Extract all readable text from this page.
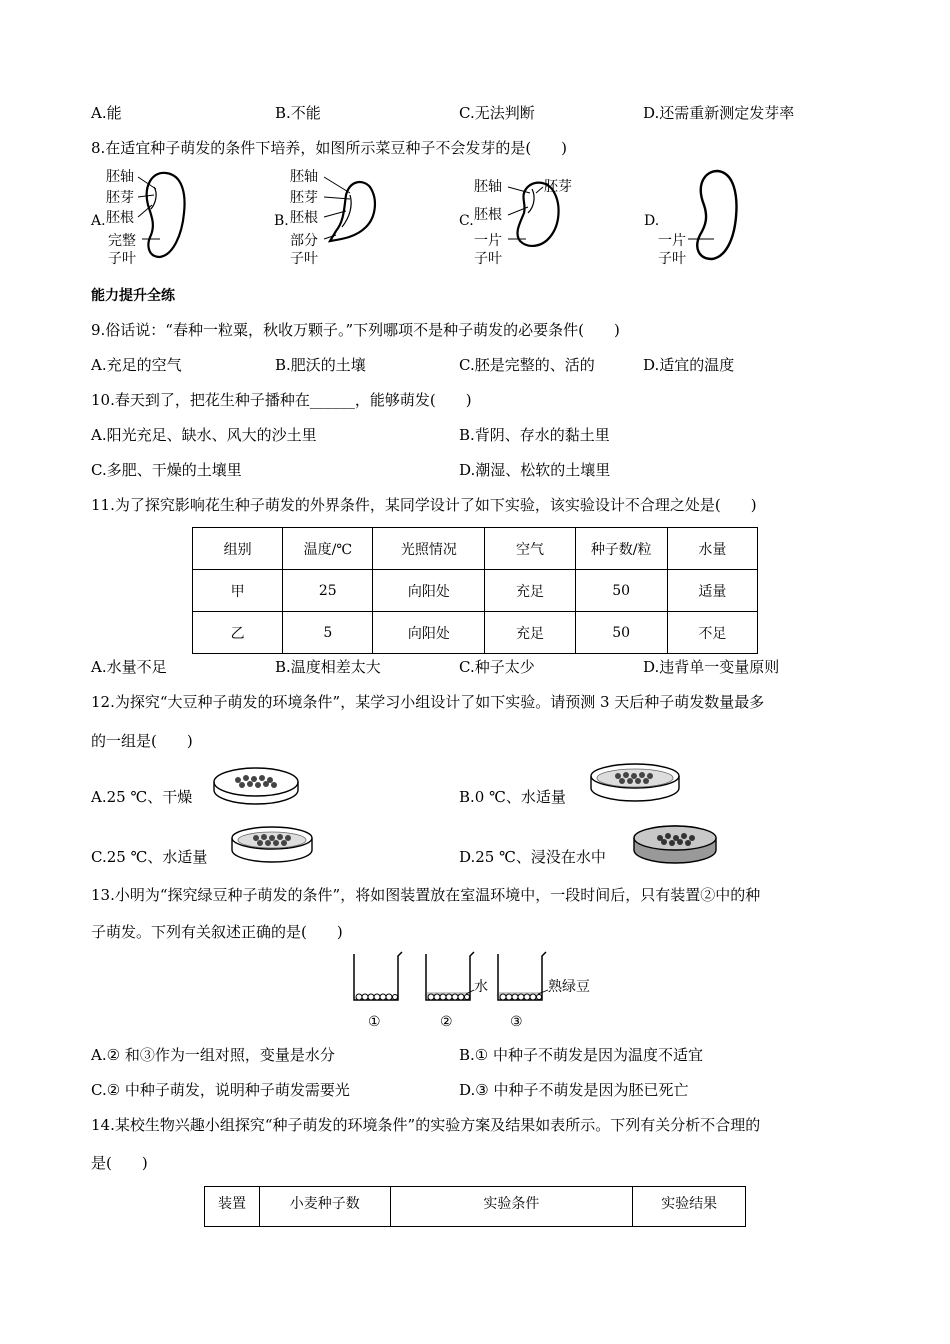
A.能	B.不能	C.无法判断	D.还需重新测定发芽率
8.在适宜种子萌发的条件下培养，如图所示菜豆种子不会发芽的是(　　)
A.
胚轴
胚芽
胚根
完整
子叶
B.
胚轴
胚芽
胚根
部分
子叶
C.
胚轴	胚芽
胚根
一片
子叶
D.
一片
子叶
能力提升全练
9.俗话说：“春种一粒粟，秋收万颗子。”下列哪项不是种子萌发的必要条件(　　)
A.充足的空气	B.肥沃的土壤	C.胚是完整的、活的	D.适宜的温度
10.春天到了，把花生种子播种在______，能够萌发(　　)
A.阳光充足、缺水、风大的沙土里	B.背阴、存水的黏土里
C.多肥、干燥的土壤里	D.潮湿、松软的土壤里
11.为了探究影响花生种子萌发的外界条件，某同学设计了如下实验，该实验设计不合理之处是(　　)
组别	温度/℃	光照情况	空气	种子数/粒	水量
甲	25	向阳处	充足	50	适量
乙	5	向阳处	充足	50	不足
A.水量不足	B.温度相差太大	C.种子太少	D.违背单一变量原则
12.为探究“大豆种子萌发的环境条件”，某学习小组设计了如下实验。请预测 3 天后种子萌发数量最多
的一组是(　　)
A.25 ℃、干燥	B.0 ℃、水适量
C.25 ℃、水适量	D.25 ℃、浸没在水中
13.小明为“探究绿豆种子萌发的条件”，将如图装置放在室温环境中，一段时间后，只有装置②中的种
子萌发。下列有关叙述正确的是(　　)
水	熟绿豆
①	②	③
A.② 和③作为一组对照，变量是水分	B.① 中种子不萌发是因为温度不适宜
C.② 中种子萌发，说明种子萌发需要光	D.③ 中种子不萌发是因为胚已死亡
14.某校生物兴趣小组探究“种子萌发的环境条件”的实验方案及结果如表所示。下列有关分析不合理的
是(　　)
装置	小麦种子数	实验条件	实验结果
